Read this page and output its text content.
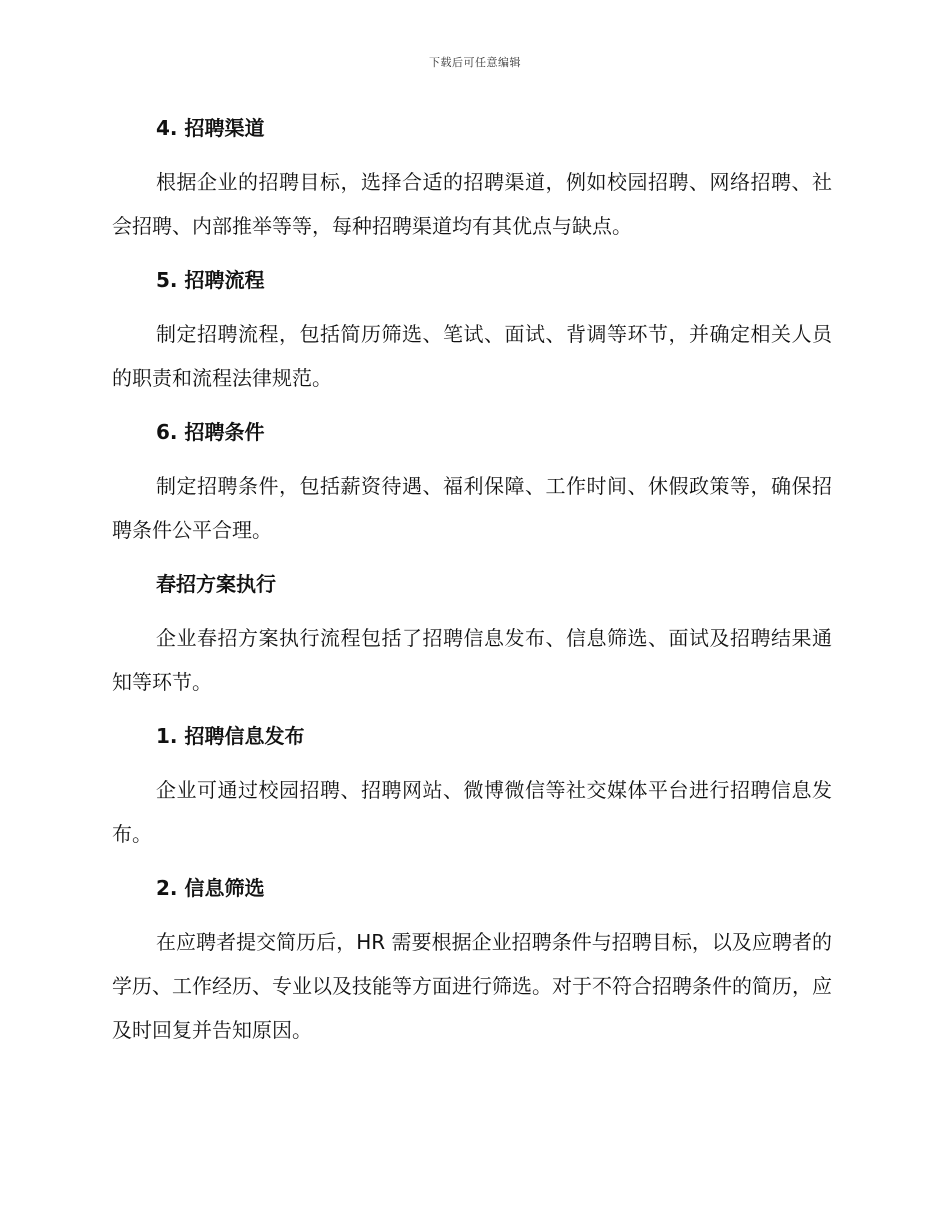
下载后可任意编辑
4. 招聘渠道

根据企业的招聘目标，选择合适的招聘渠道，例如校园招聘、网络招聘、社会招聘、内部推举等等，每种招聘渠道均有其优点与缺点。

5. 招聘流程

制定招聘流程，包括简历筛选、笔试、面试、背调等环节，并确定相关人员的职责和流程法律规范。

6. 招聘条件

制定招聘条件，包括薪资待遇、福利保障、工作时间、休假政策等，确保招聘条件公平合理。

春招方案执行

企业春招方案执行流程包括了招聘信息发布、信息筛选、面试及招聘结果通知等环节。

1. 招聘信息发布

企业可通过校园招聘、招聘网站、微博微信等社交媒体平台进行招聘信息发布。

2. 信息筛选

在应聘者提交简历后，HR 需要根据企业招聘条件与招聘目标，以及应聘者的学历、工作经历、专业以及技能等方面进行筛选。对于不符合招聘条件的简历，应及时回复并告知原因。
